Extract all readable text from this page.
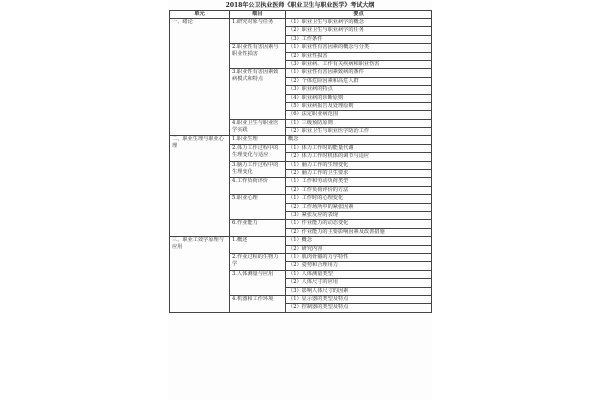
2018年公卫执业医师《职业卫生与职业医学》考试大纲
单元	细目	要点
一、绪论	1.研究对象与任务	（1）职业卫生与职业病学的概念
		（2）职业卫生与职业病学的任务
		（3）工作条件
	2.职业性有害因素与职业性损害	（1）职业性有害因素的概念与分类
		（2）职业性损害
		（3）职业病、工作有关疾病和职业伤害
	3.职业性有害因素致病模式和特点	（1）职业性有害因素致病的条件
		（2）个体危险因素和高危人群
		（3）职业病的特点
		（4）职业病的诊断原则
		（5）职业病报告及处理原则
		（6）法定职业病范围
	4.职业卫生与职业医学实践	（1）三级预防原则
		（2）职业卫生与职业医学防治工作
二、职业生理与职业心理	1.职业生理	概念
	2.体力工作过程中的生理变化与适应	（1）体力工作时的能量代谢
		（2）体力工作时机体的调节与适应
	3.脑力工作过程中的生理变化	（1）脑力工作的生理变化
		（2）脑力工作的卫生要求
	4.工作负荷评价	（1）工作和劳动负荷类型
		（2）工作负荷评价的方法
	5.职业心理	（1）工作时的心理变化
		（2）工作场所中的紧张因素
		（3）紧张反应的表现
	6.作业能力	（1）作业能力的动态变化
		（2）作业能力的主要影响因素及改善措施
三、职业工效学原理与应用	1.概述	（1）概念
		（2）研究内容
	2.作业过程的生物力学	（1）肌肉骨骼的力学特性
		（2）姿势和合理用力
	3.人体测量与应用	（1）人体测量类型
		（2）人体尺寸的应用
		（3）影响人体尺寸的因素
	4.机器和工作环境	（1）显示器的类型及特点
		（2）控制器的类型及特点
